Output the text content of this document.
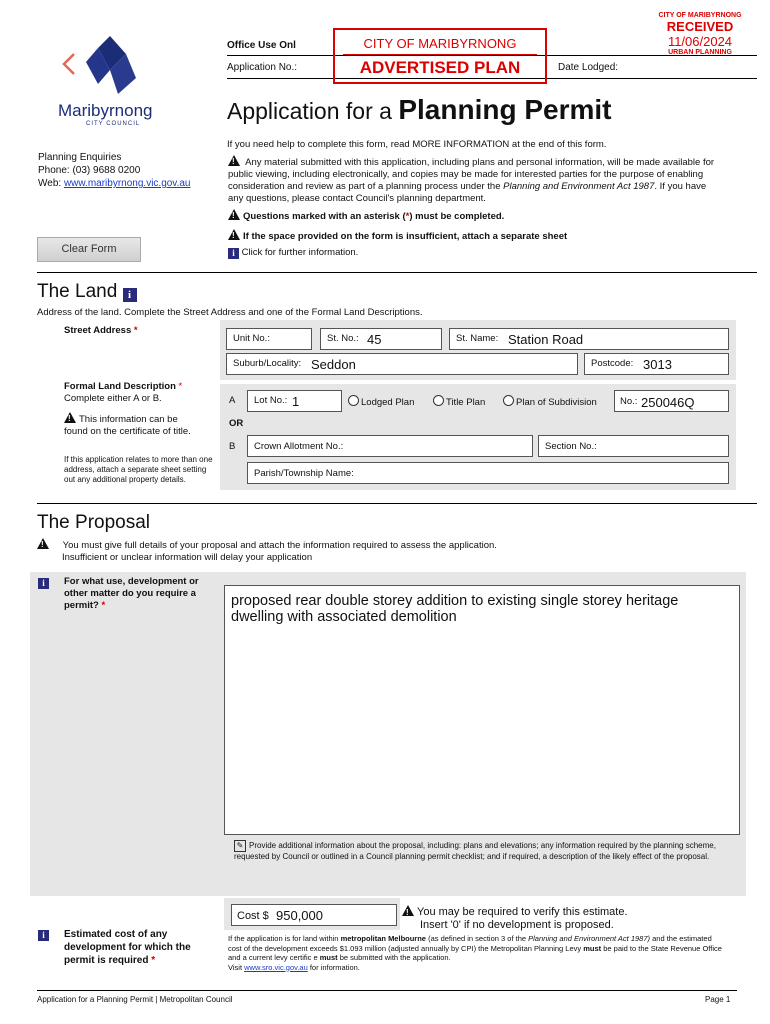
Maribyrnong
CITY COUNCIL
Planning Enquiries
Phone: (03) 9688 0200
Web: www.maribyrnong.vic.gov.au
Clear Form
Office Use Onl
Application No.:	Date Lodged:
CITY OF MARIBYRNONG
ADVERTISED PLAN
CITY OF MARIBYRNONG
RECEIVED
11/06/2024
URBAN PLANNING
Application for a Planning Permit
If you need help to complete this form, read MORE INFORMATION at the end of this form.
! Any material submitted with this application, including plans and personal information, will be made available for public viewing, including electronically, and copies may be made for interested parties for the purpose of enabling consideration and review as part of a planning process under the Planning and Environment Act 1987. If you have any questions, please contact Council's planning department.
!Questions marked with an asterisk (*) must be completed.
!If the space provided on the form is insufficient, attach a separate sheet
i Click for further information.
The Land i
Address of the land. Complete the Street Address and one of the Formal Land Descriptions.
Street Address *
Unit No.:	St. No.: 45	St. Name: Station Road
Suburb/Locality: Seddon	Postcode: 3013
Formal Land Description *
Complete either A or B.
!This information can be found on the certificate of title.
If this application relates to more than one address, attach a separate sheet setting out any additional property details.
A Lot No.: 1	Lodged Plan	Title Plan	Plan of Subdivision No.: 250046Q
OR
B Crown Allotment No.:	Section No.:
Parish/Township Name:
The Proposal
! You must give full details of your proposal and attach the information required to assess the application.
Insufficient or unclear information will delay your application
i	For what use, development or other matter do you require a permit? *	proposed rear double storey addition to existing single storey heritage dwelling with associated demolition
✎ Provide additional information about the proposal, including: plans and elevations; any information required by the planning scheme, requested by Council or outlined in a Council planning permit checklist; and if required, a description of the likely effect of the proposal.
Cost $ 950,000
!	You may be required to verify this estimate.
Insert '0' if no development is proposed.
i	Estimated cost of any development for which the permit is required *
If the application is for land within metropolitan Melbourne (as defined in section 3 of the Planning and Environment Act 1987) and the estimated cost of the development exceeds $1.093 million (adjusted annually by CPI) the Metropolitan Planning Levy must be paid to the State Revenue Office and a current levy certific e must be submitted with the application.
Visit www.sro.vic.gov.au for information.
Application for a Planning Permit | Metropolitan Council	Page 1
